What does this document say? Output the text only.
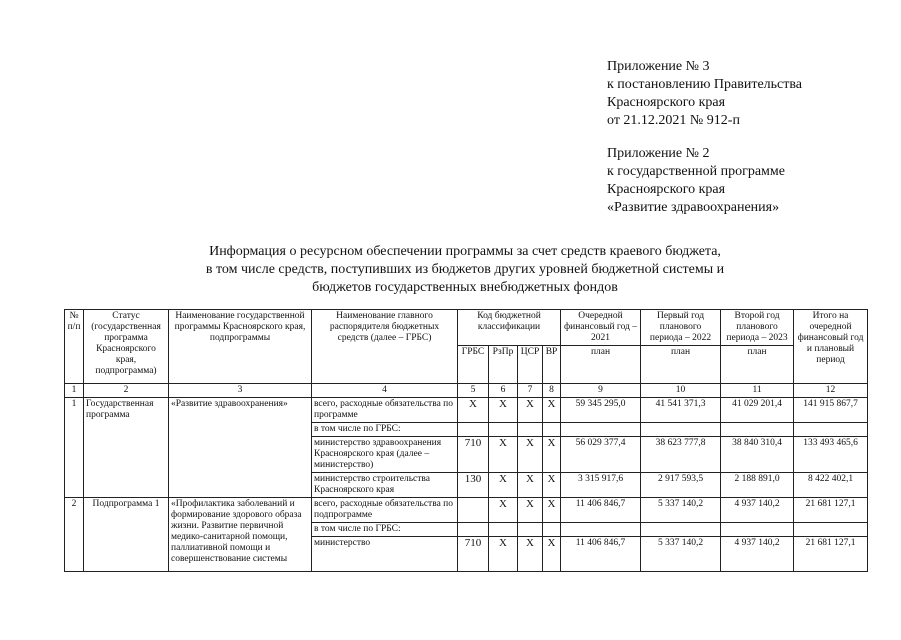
Приложение № 3
к постановлению Правительства
Красноярского края
от 21.12.2021 № 912-п
Приложение № 2
к государственной программе
Красноярского края
«Развитие здравоохранения»
Информация о ресурсном обеспечении программы за счет средств краевого бюджета,
в том числе средств, поступивших из бюджетов других уровней бюджетной системы и
бюджетов государственных внебюджетных фондов
№ п/п	Статус (государственная программа Красноярского края, подпрограмма)	Наименование государственной программы Красноярского края, подпрограммы	Наименование главного распорядителя бюджетных средств (далее – ГРБС)	Код бюджетной классификации				Очередной финансовый год – 2021	Первый год планового периода – 2022	Второй год планового периода – 2023	Итого на очередной финансовый год и плановый период
				ГРБС	РзПр	ЦСР	ВР	план	план	план	
1	2	3	4	5	6	7	8	9	10	11	12
1	Государственная программа	«Развитие здравоохранения»	всего, расходные обязательства по программе	X	X	X	X	59 345 295,0	41 541 371,3	41 029 201,4	141 915 867,7
			в том числе по ГРБС:								
			министерство здравоохранения Красноярского края (далее – министерство)	710	X	X	X	56 029 377,4	38 623 777,8	38 840 310,4	133 493 465,6
			министерство строительства Красноярского края	130	X	X	X	3 315 917,6	2 917 593,5	2 188 891,0	8 422 402,1
2	Подпрограмма 1	«Профилактика заболеваний и формирование здорового образа жизни. Развитие первичной медико-санитарной помощи, паллиативной помощи и совершенствование системы	всего, расходные обязательства по подпрограмме		X	X	X	11 406 846,7	5 337 140,2	4 937 140,2	21 681 127,1
			в том числе по ГРБС:								
			министерство	710	X	X	X	11 406 846,7	5 337 140,2	4 937 140,2	21 681 127,1
